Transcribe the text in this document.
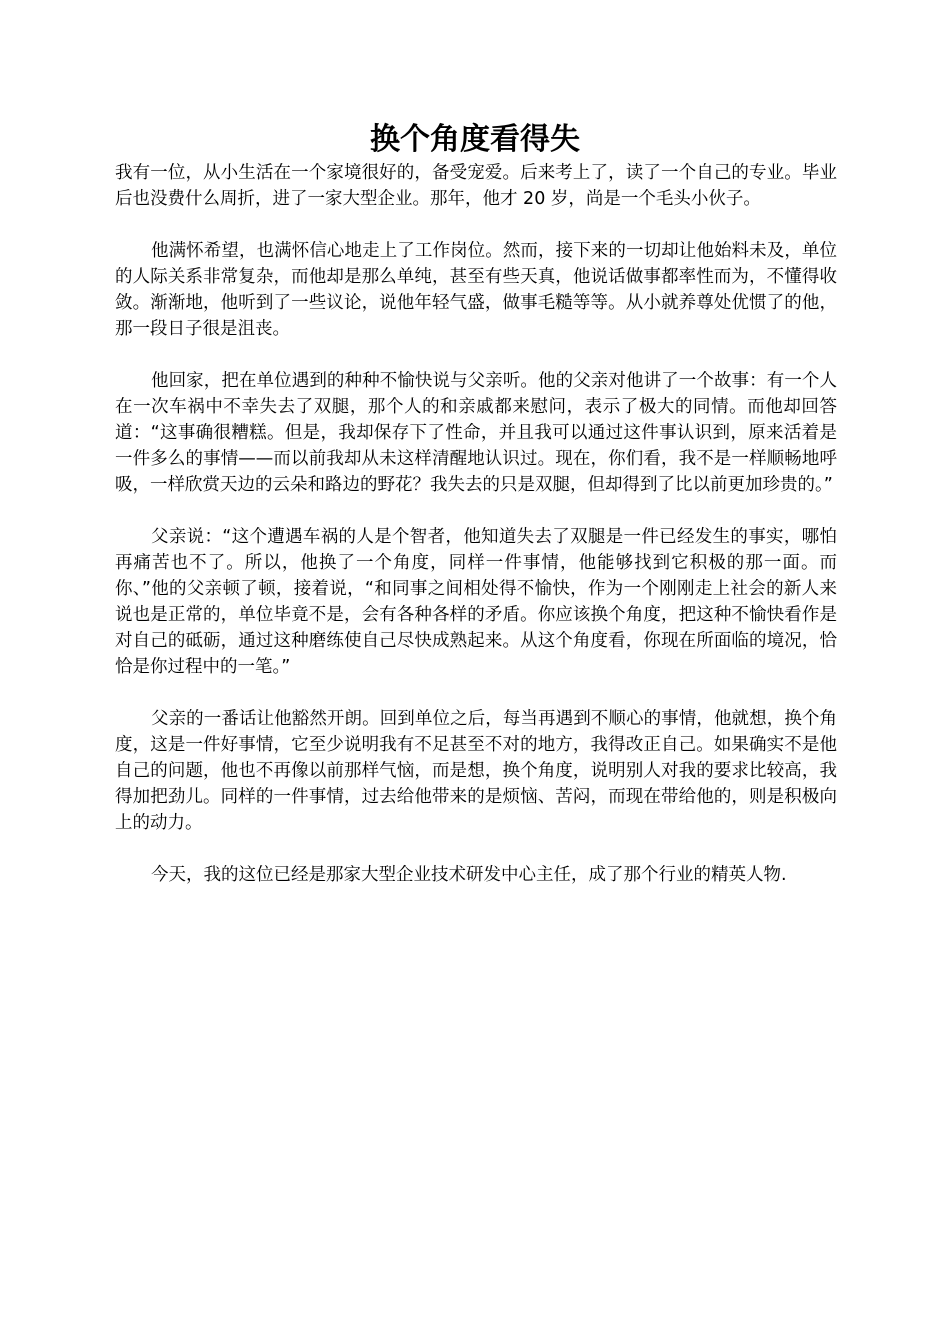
换个角度看得失

我有一位，从小生活在一个家境很好的，备受宠爱。后来考上了，读了一个自己的专业。毕业后也没费什么周折，进了一家大型企业。那年，他才 20 岁，尚是一个毛头小伙子。

他满怀希望，也满怀信心地走上了工作岗位。然而，接下来的一切却让他始料未及，单位的人际关系非常复杂，而他却是那么单纯，甚至有些天真，他说话做事都率性而为，不懂得收敛。渐渐地，他听到了一些议论，说他年轻气盛，做事毛糙等等。从小就养尊处优惯了的他，那一段日子很是沮丧。

他回家，把在单位遇到的种种不愉快说与父亲听。他的父亲对他讲了一个故事：有一个人在一次车祸中不幸失去了双腿，那个人的和亲戚都来慰问，表示了极大的同情。而他却回答道：“这事确很糟糕。但是，我却保存下了性命，并且我可以通过这件事认识到，原来活着是一件多么的事情——而以前我却从未这样清醒地认识过。现在，你们看，我不是一样顺畅地呼吸，一样欣赏天边的云朵和路边的野花？我失去的只是双腿，但却得到了比以前更加珍贵的。”

父亲说：“这个遭遇车祸的人是个智者，他知道失去了双腿是一件已经发生的事实，哪怕再痛苦也不了。所以，他换了一个角度，同样一件事情，他能够找到它积极的那一面。而你、”他的父亲顿了顿，接着说，“和同事之间相处得不愉快，作为一个刚刚走上社会的新人来说也是正常的，单位毕竟不是，会有各种各样的矛盾。你应该换个角度，把这种不愉快看作是对自己的砥砺，通过这种磨练使自己尽快成熟起来。从这个角度看，你现在所面临的境况，恰恰是你过程中的一笔。”

父亲的一番话让他豁然开朗。回到单位之后，每当再遇到不顺心的事情，他就想，换个角度，这是一件好事情，它至少说明我有不足甚至不对的地方，我得改正自己。如果确实不是他自己的问题，他也不再像以前那样气恼，而是想，换个角度，说明别人对我的要求比较高，我得加把劲儿。同样的一件事情，过去给他带来的是烦恼、苦闷，而现在带给他的，则是积极向上的动力。

今天，我的这位已经是那家大型企业技术研发中心主任，成了那个行业的精英人物.
